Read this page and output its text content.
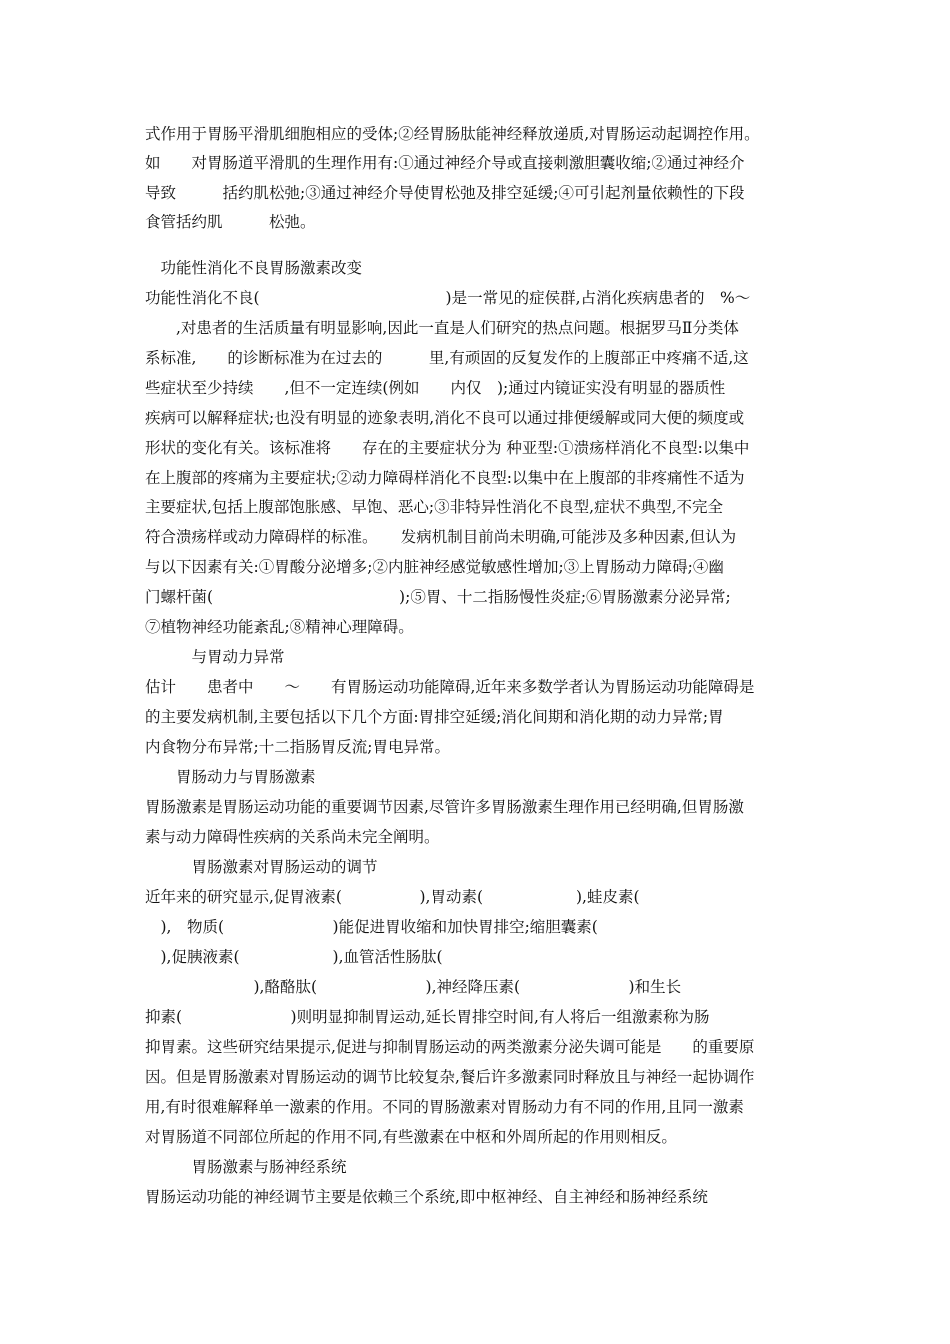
式作用于胃肠平滑肌细胞相应的受体;②经胃肠肽能神经释放递质,对胃肠运动起调控作用。
如　　对胃肠道平滑肌的生理作用有:①通过神经介导或直接刺激胆囊收缩;②通过神经介
导致　　　括约肌松弛;③通过神经介导使胃松弛及排空延缓;④可引起剂量依赖性的下段
食管括约肌　　　松弛。
　功能性消化不良胃肠激素改变
功能性消化不良(　　　　　　　　　　　　)是一常见的症侯群,占消化疾病患者的　%～
　　,对患者的生活质量有明显影响,因此一直是人们研究的热点问题。根据罗马Ⅱ分类体
系标准,　　的诊断标准为在过去的　　　里,有顽固的反复发作的上腹部正中疼痛不适,这
些症状至少持续　　,但不一定连续(例如　　内仅　);通过内镜证实没有明显的器质性
疾病可以解释症状;也没有明显的迹象表明,消化不良可以通过排便缓解或同大便的频度或
形状的变化有关。该标准将　　存在的主要症状分为 种亚型:①溃疡样消化不良型:以集中
在上腹部的疼痛为主要症状;②动力障碍样消化不良型:以集中在上腹部的非疼痛性不适为
主要症状,包括上腹部饱胀感、早饱、恶心;③非特异性消化不良型,症状不典型,不完全
符合溃疡样或动力障碍样的标准。　　发病机制目前尚未明确,可能涉及多种因素,但认为
与以下因素有关:①胃酸分泌增多;②内脏神经感觉敏感性增加;③上胃肠动力障碍;④幽
门螺杆菌(　　　　　　　　　　　　);⑤胃、十二指肠慢性炎症;⑥胃肠激素分泌异常;
⑦植物神经功能紊乱;⑧精神心理障碍。
　　　与胃动力异常
估计　　患者中　　～　　有胃肠运动功能障碍,近年来多数学者认为胃肠运动功能障碍是
的主要发病机制,主要包括以下几个方面:胃排空延缓;消化间期和消化期的动力异常;胃
内食物分布异常;十二指肠胃反流;胃电异常。
　　胃肠动力与胃肠激素
胃肠激素是胃肠运动功能的重要调节因素,尽管许多胃肠激素生理作用已经明确,但胃肠激
素与动力障碍性疾病的关系尚未完全阐明。
　　　胃肠激素对胃肠运动的调节
近年来的研究显示,促胃液素(　　　　　),胃动素(　　　　　　),蛙皮素(
　),　物质(　　　　　　　)能促进胃收缩和加快胃排空;缩胆囊素(
　),促胰液素(　　　　　　),血管活性肠肽(
　　　　　　　),酪酪肽(　　　　　　　),神经降压素(　　　　　　　)和生长
抑素(　　　　　　　)则明显抑制胃运动,延长胃排空时间,有人将后一组激素称为肠
抑胃素。这些研究结果提示,促进与抑制胃肠运动的两类激素分泌失调可能是　　的重要原
因。但是胃肠激素对胃肠运动的调节比较复杂,餐后许多激素同时释放且与神经一起协调作
用,有时很难解释单一激素的作用。不同的胃肠激素对胃肠动力有不同的作用,且同一激素
对胃肠道不同部位所起的作用不同,有些激素在中枢和外周所起的作用则相反。
　　　胃肠激素与肠神经系统
胃肠运动功能的神经调节主要是依赖三个系统,即中枢神经、自主神经和肠神经系统
